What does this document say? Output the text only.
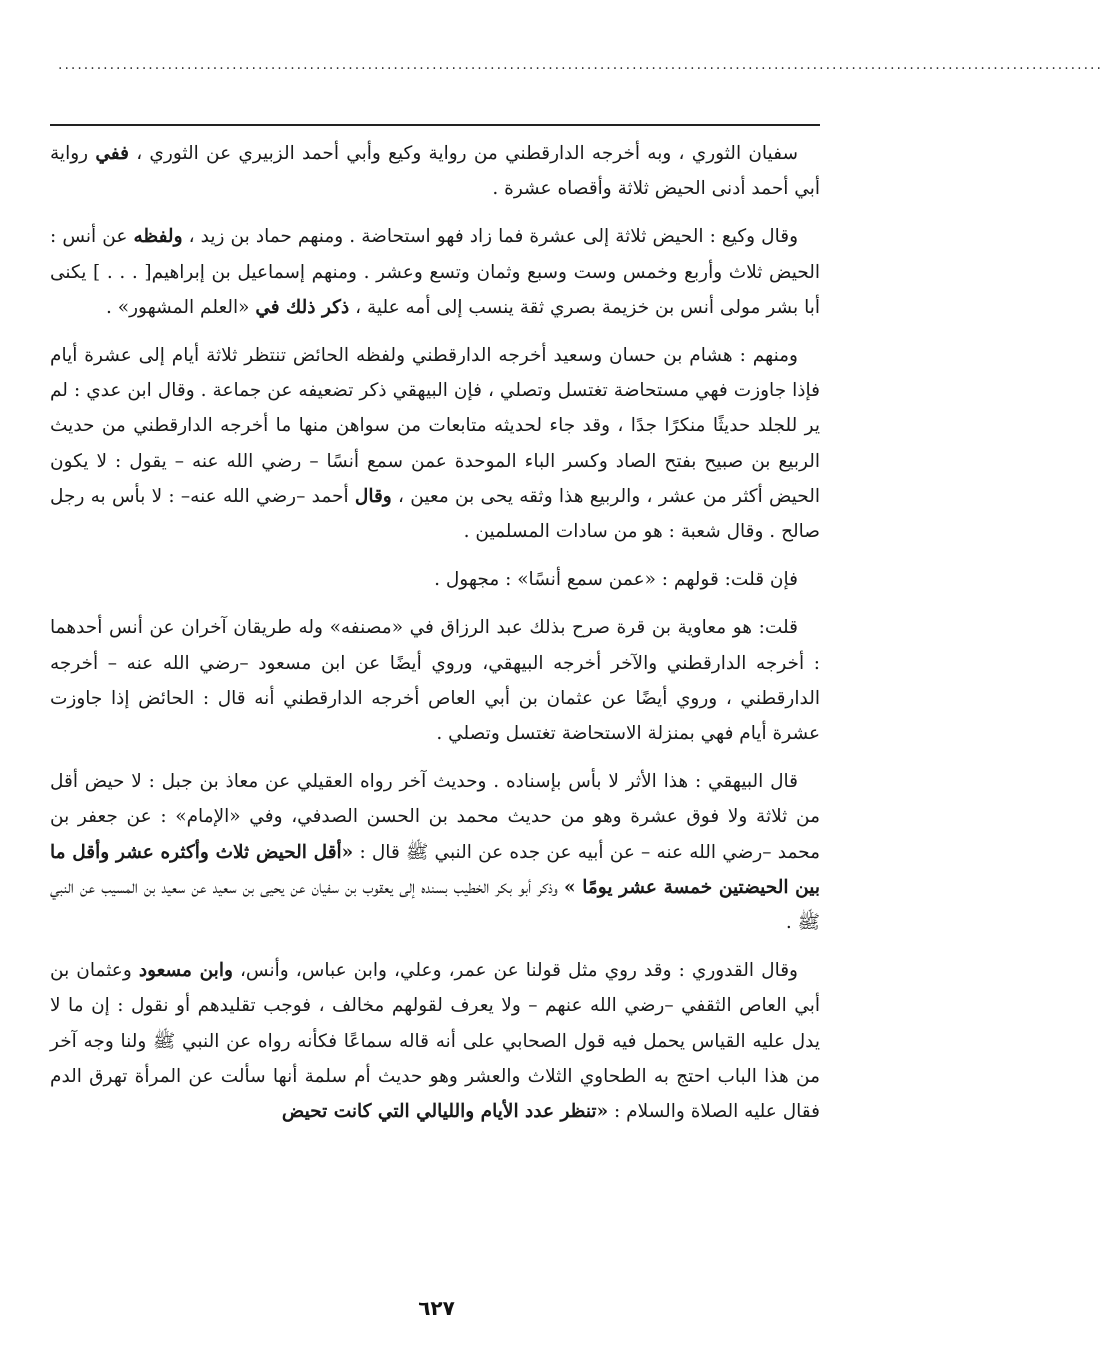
..................................................................................................................................................................

سفيان الثوري ، وبه أخرجه الدارقطني من رواية وكيع وأبي أحمد الزبيري عن الثوري ، ففي رواية أبي أحمد أدنى الحيض ثلاثة وأقصاه عشرة .

وقال وكيع : الحيض ثلاثة إلى عشرة فما زاد فهو استحاضة . ومنهم حماد بن زيد ، ولفظه عن أنس : الحيض ثلاث وأربع وخمس وست وسبع وثمان وتسع وعشر . ومنهم إسماعيل بن إبراهيم[ . . . ] يكنى أبا بشر مولى أنس بن خزيمة بصري ثقة ينسب إلى أمه علية ، ذكر ذلك في «العلم المشهور» .

ومنهم : هشام بن حسان وسعيد أخرجه الدارقطني ولفظه الحائض تنتظر ثلاثة أيام إلى عشرة أيام فإذا جاوزت فهي مستحاضة تغتسل وتصلي ، فإن البيهقي ذكر تضعيفه عن جماعة . وقال ابن عدي : لم ير للجلد حديثًا منكرًا جدًا ، وقد جاء لحديثه متابعات من سواهن منها ما أخرجه الدارقطني من حديث الربيع بن صبيح بفتح الصاد وكسر الباء الموحدة عمن سمع أنسًا – رضي الله عنه – يقول : لا يكون الحيض أكثر من عشر ، والربيع هذا وثقه يحى بن معين ، وقال أحمد –رضي الله عنه– : لا بأس به رجل صالح . وقال شعبة : هو من سادات المسلمين .

فإن قلت: قولهم : «عمن سمع أنسًا» : مجهول .

قلت: هو معاوية بن قرة صرح بذلك عبد الرزاق في «مصنفه» وله طريقان آخران عن أنس أحدهما : أخرجه الدارقطني والآخر أخرجه البيهقي، وروي أيضًا عن ابن مسعود –رضي الله عنه – أخرجه الدارقطني ، وروي أيضًا عن عثمان بن أبي العاص أخرجه الدارقطني أنه قال : الحائض إذا جاوزت عشرة أيام فهي بمنزلة الاستحاضة تغتسل وتصلي .

قال البيهقي : هذا الأثر لا بأس بإسناده . وحديث آخر رواه العقيلي عن معاذ بن جبل : لا حيض أقل من ثلاثة ولا فوق عشرة وهو من حديث محمد بن الحسن الصدفي، وفي «الإمام» : عن جعفر بن محمد –رضي الله عنه – عن أبيه عن جده عن النبي ﷺ قال : «أقل الحيض ثلاث وأكثره عشر وأقل ما بين الحيضتين خمسة عشر يومًا » وذكر أبو بكر الخطيب بسنده إلى يعقوب بن سفيان عن يحيى بن سعيد عن سعيد بن المسيب عن النبي ﷺ .

وقال القدوري : وقد روي مثل قولنا عن عمر، وعلي، وابن عباس، وأنس، وابن مسعود وعثمان بن أبي العاص الثقفي –رضي الله عنهم – ولا يعرف لقولهم مخالف ، فوجب تقليدهم أو نقول : إن ما لا يدل عليه القياس يحمل فيه قول الصحابي على أنه قاله سماعًا فكأنه رواه عن النبي ﷺ ولنا وجه آخر من هذا الباب احتج به الطحاوي الثلاث والعشر وهو حديث أم سلمة أنها سألت عن المرأة تهرق الدم فقال عليه الصلاة والسلام : «تنظر عدد الأيام والليالي التي كانت تحيض

٦٢٧
